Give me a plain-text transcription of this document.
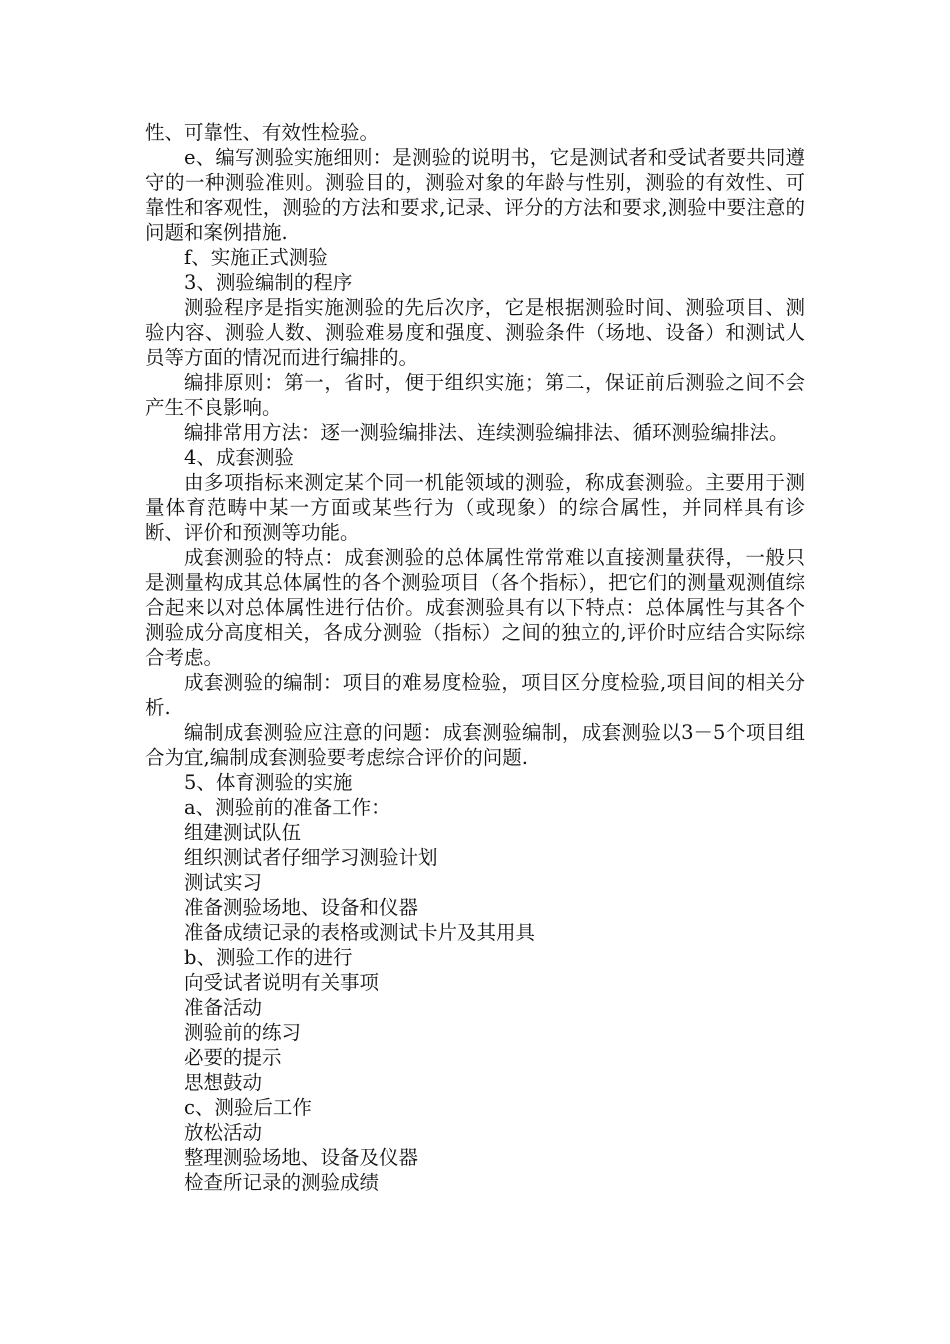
性、可靠性、有效性检验。

e、编写测验实施细则：是测验的说明书，它是测试者和受试者要共同遵守的一种测验准则。测验目的，测验对象的年龄与性别，测验的有效性、可靠性和客观性，测验的方法和要求,记录、评分的方法和要求,测验中要注意的问题和案例措施.

f、实施正式测验

3、测验编制的程序

测验程序是指实施测验的先后次序，它是根据测验时间、测验项目、测验内容、测验人数、测验难易度和强度、测验条件（场地、设备）和测试人员等方面的情况而进行编排的。

编排原则：第一，省时，便于组织实施；第二，保证前后测验之间不会产生不良影响。

编排常用方法：逐一测验编排法、连续测验编排法、循环测验编排法。

4、成套测验

由多项指标来测定某个同一机能领域的测验，称成套测验。主要用于测量体育范畴中某一方面或某些行为（或现象）的综合属性，并同样具有诊断、评价和预测等功能。

成套测验的特点：成套测验的总体属性常常难以直接测量获得，一般只是测量构成其总体属性的各个测验项目（各个指标），把它们的测量观测值综合起来以对总体属性进行估价。成套测验具有以下特点：总体属性与其各个测验成分高度相关，各成分测验（指标）之间的独立的,评价时应结合实际综合考虑。

成套测验的编制：项目的难易度检验，项目区分度检验,项目间的相关分析.

编制成套测验应注意的问题：成套测验编制，成套测验以3－5个项目组合为宜,编制成套测验要考虑综合评价的问题.

5、体育测验的实施

a、测验前的准备工作：

组建测试队伍

组织测试者仔细学习测验计划

测试实习

准备测验场地、设备和仪器

准备成绩记录的表格或测试卡片及其用具

b、测验工作的进行

向受试者说明有关事项

准备活动

测验前的练习

必要的提示

思想鼓动

c、测验后工作

放松活动

整理测验场地、设备及仪器

检查所记录的测验成绩
